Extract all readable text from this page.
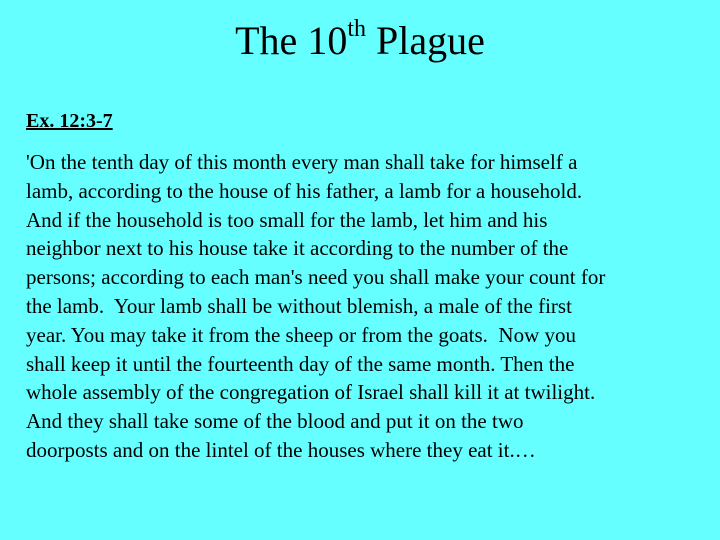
The 10th Plague
Ex. 12:3-7
'On the tenth day of this month every man shall take for himself a
lamb, according to the house of his father, a lamb for a household.
And if the household is too small for the lamb, let him and his
neighbor next to his house take it according to the number of the
persons; according to each man's need you shall make your count for
the lamb.  Your lamb shall be without blemish, a male of the first
year. You may take it from the sheep or from the goats.  Now you
shall keep it until the fourteenth day of the same month. Then the
whole assembly of the congregation of Israel shall kill it at twilight.
And they shall take some of the blood and put it on the two
doorposts and on the lintel of the houses where they eat it.…
